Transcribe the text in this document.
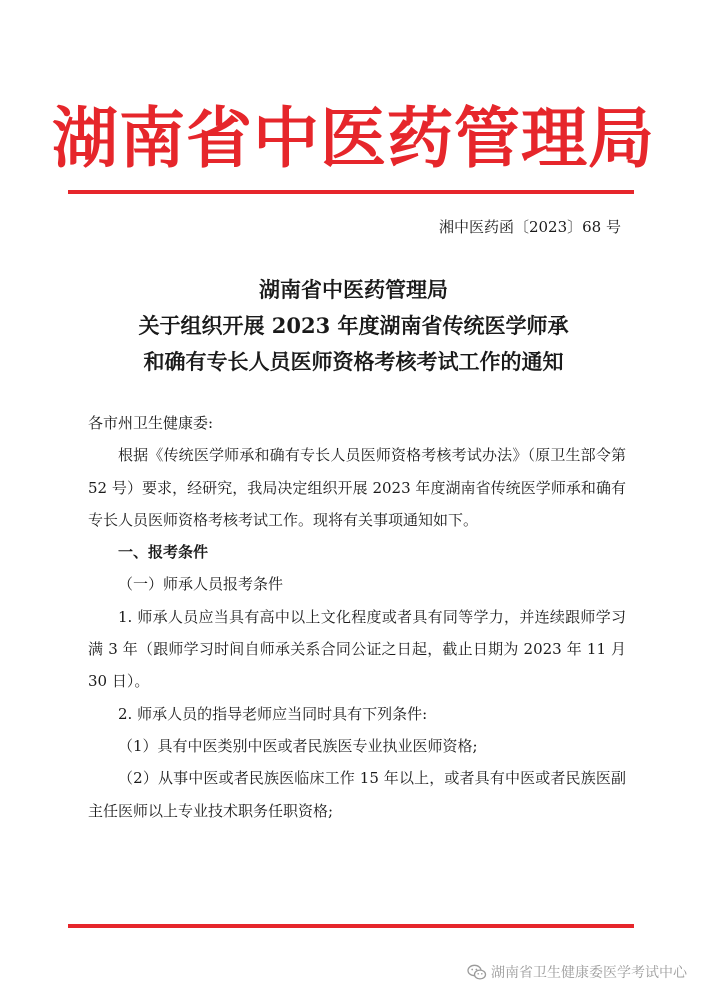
湖南省中医药管理局
湘中医药函〔2023〕68 号
湖南省中医药管理局
关于组织开展 2023 年度湖南省传统医学师承
和确有专长人员医师资格考核考试工作的通知

各市州卫生健康委:

根据《传统医学师承和确有专长人员医师资格考核考试办法》（原卫生部令第 52 号）要求，经研究，我局决定组织开展 2023 年度湖南省传统医学师承和确有专长人员医师资格考核考试工作。现将有关事项通知如下。

一、报考条件

（一）师承人员报考条件

1. 师承人员应当具有高中以上文化程度或者具有同等学力，并连续跟师学习满 3 年（跟师学习时间自师承关系合同公证之日起，截止日期为 2023 年 11 月 30 日）。

2. 师承人员的指导老师应当同时具有下列条件:

（1）具有中医类别中医或者民族医专业执业医师资格;

（2）从事中医或者民族医临床工作 15 年以上，或者具有中医或者民族医副主任医师以上专业技术职务任职资格;

湖南省卫生健康委医学考试中心
